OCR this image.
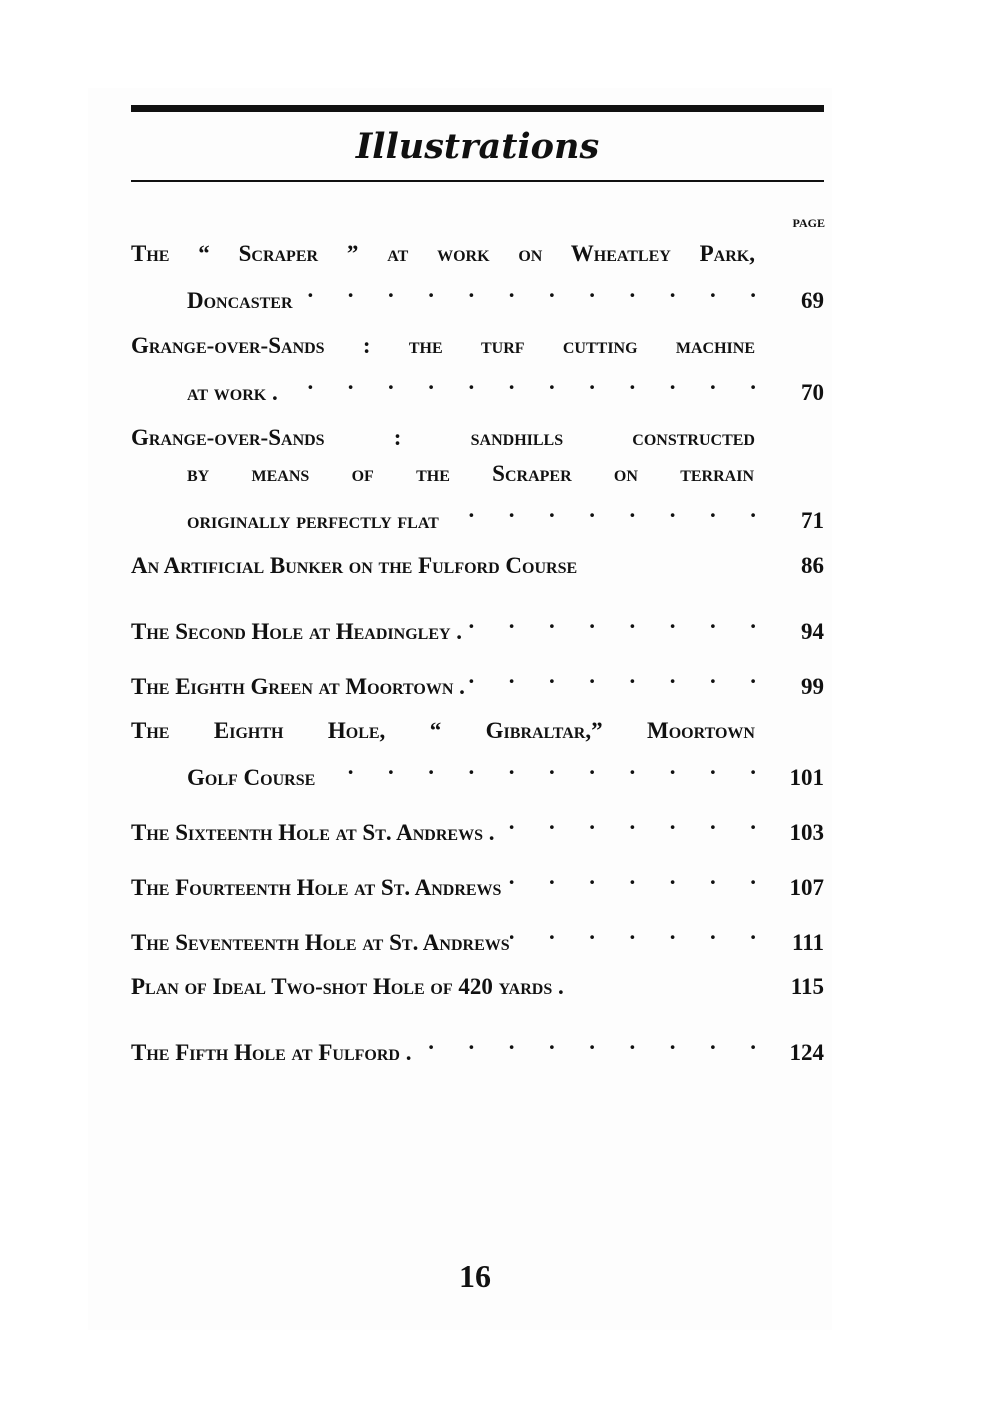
Illustrations
PAGE
The “ Scraper ” at work on Wheatley Park,
Doncaster .	69
Grange-over-Sands : the turf cutting machine
at work . .	70
Grange-over-Sands : sandhills constructed
by means of the Scraper on terrain
originally perfectly flat .	71
An Artificial Bunker on the Fulford Course	86
The Second Hole at Headingley . .	94
The Eighth Green at Moortown . .	99
The Eighth Hole, “ Gibraltar,” Moortown
Golf Course .	101
The Sixteenth Hole at St. Andrews . .	103
The Fourteenth Hole at St. Andrews .	107
The Seventeenth Hole at St. Andrews .	111
Plan of Ideal Two-shot Hole of 420 yards .	115
The Fifth Hole at Fulford . .	124
16
